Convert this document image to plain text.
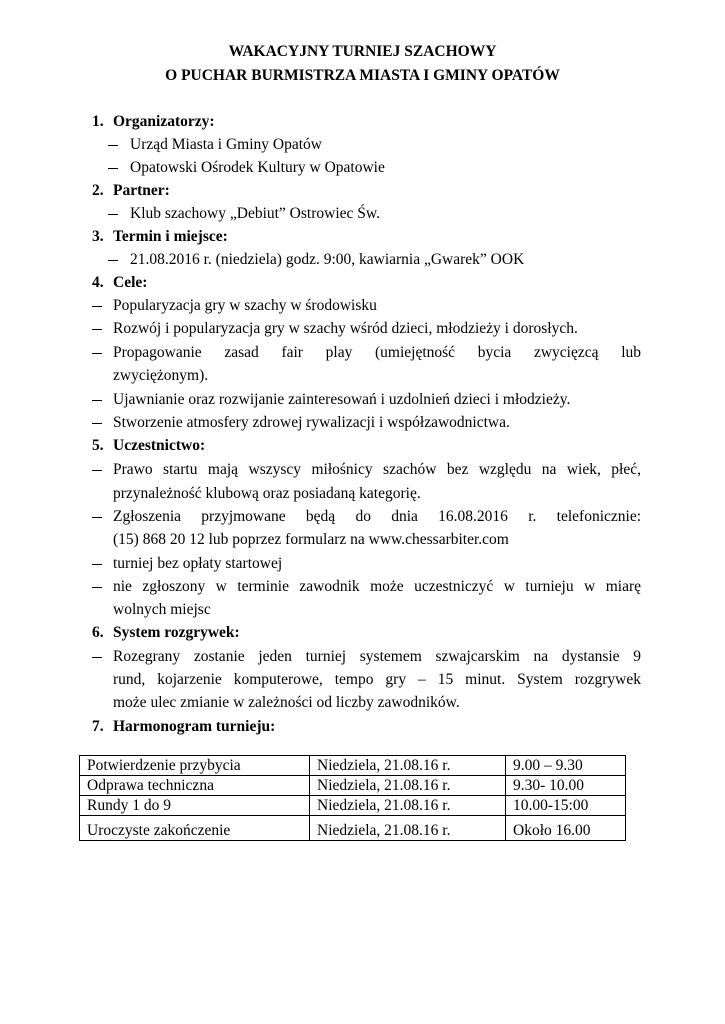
WAKACYJNY TURNIEJ SZACHOWY
O PUCHAR BURMISTRZA MIASTA I GMINY OPATÓW
1. Organizatorzy:
Urząd Miasta i Gminy Opatów
Opatowski Ośrodek Kultury w Opatowie
2. Partner:
Klub szachowy „Debiut” Ostrowiec Św.
3. Termin i miejsce:
21.08.2016 r. (niedziela) godz. 9:00, kawiarnia „Gwarek” OOK
4. Cele:
Popularyzacja gry w szachy w środowisku
Rozwój i popularyzacja gry w szachy wśród dzieci, młodzieży i dorosłych.
Propagowanie zasad fair play (umiejętność bycia zwycięzcą lub
zwyciężonym).
Ujawnianie oraz rozwijanie zainteresowań i uzdolnień dzieci i młodzieży.
Stworzenie atmosfery zdrowej rywalizacji i współzawodnictwa.
5. Uczestnictwo:
Prawo startu mają wszyscy miłośnicy szachów bez względu na wiek, płeć,
przynależność klubową oraz posiadaną kategorię.
Zgłoszenia przyjmowane będą do dnia 16.08.2016 r. telefonicznie:
(15) 868 20 12 lub poprzez formularz na www.chessarbiter.com
turniej bez opłaty startowej
nie zgłoszony w terminie zawodnik może uczestniczyć w turnieju w miarę
wolnych miejsc
6. System rozgrywek:
Rozegrany zostanie jeden turniej systemem szwajcarskim na dystansie 9
rund, kojarzenie komputerowe, tempo gry – 15 minut. System rozgrywek
może ulec zmianie w zależności od liczby zawodników.
7. Harmonogram turnieju:
Potwierdzenie przybycia	Niedziela, 21.08.16 r.	9.00 – 9.30
Odprawa techniczna	Niedziela, 21.08.16 r.	9.30- 10.00
Rundy 1 do 9	Niedziela, 21.08.16 r.	10.00-15:00
Uroczyste zakończenie	Niedziela, 21.08.16 r.	Około 16.00
